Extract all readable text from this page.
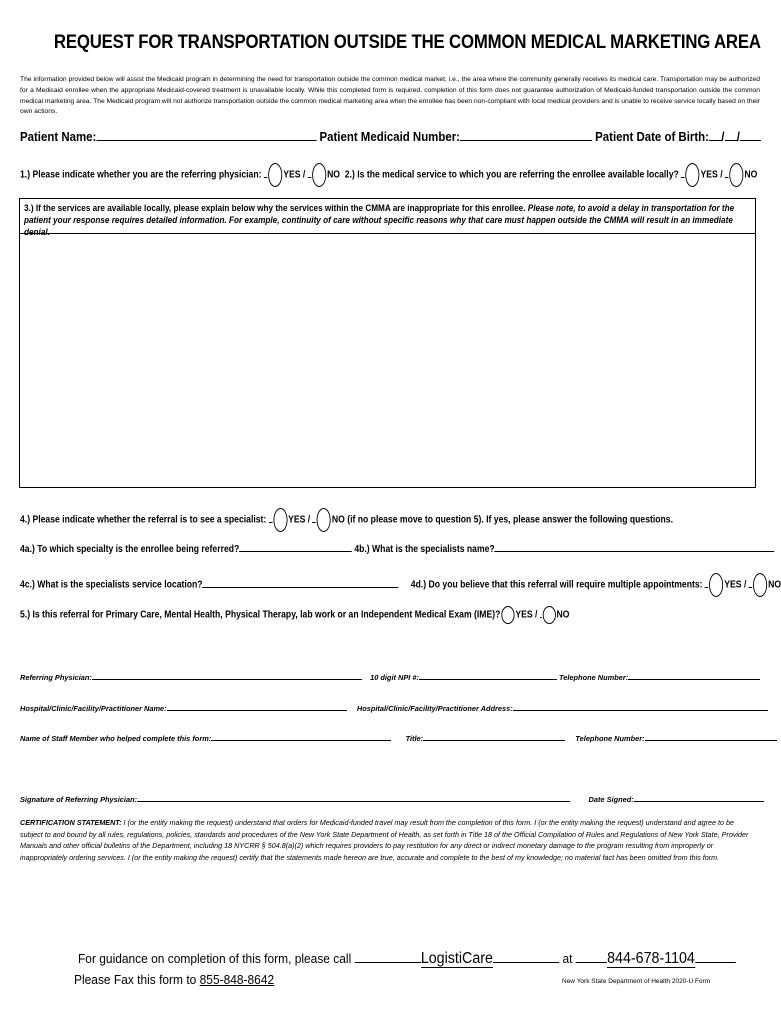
REQUEST FOR TRANSPORTATION OUTSIDE THE COMMON MEDICAL MARKETING AREA
The information provided below will assist the Medicaid program in determining the need for transportation outside the common medical market, i.e., the area where the community generally receives its medical care. Transportation may be authorized for a Medicaid enrollee when the appropriate Medicaid-covered treatment is unavailable locally. While this completed form is required, completion of this form does not guarantee authorization of Medicaid-funded transportation outside the common medical marketing area. The Medicaid program will not authorize transportation outside the common medical marketing area when the enrollee has been non-compliant with local medical providers and is unable to receive service locally based on their own actions.
Patient Name:	Patient Medicaid Number:	Patient Date of Birth: / /
1.) Please indicate whether you are the referring physician: YES / NO 2.) Is the medical service to which you are referring the enrollee available locally? YES / NO
3.) If the services are available locally, please explain below why the services within the CMMA are inappropriate for this enrollee. Please note, to avoid a delay in transportation for the patient your response requires detailed information. For example, continuity of care without specific reasons why that care must happen outside the CMMA will result in an immediate denial.
4.) Please indicate whether the referral is to see a specialist: YES / NO (if no please move to question 5). If yes, please answer the following questions.
4a.) To which specialty is the enrollee being referred?	4b.) What is the specialists name?
4c.) What is the specialists service location?	4d.) Do you believe that this referral will require multiple appointments: YES / NO
5.) Is this referral for Primary Care, Mental Health, Physical Therapy, lab work or an Independent Medical Exam (IME)? YES / NO
Referring Physician:	10 digit NPI #:	Telephone Number:
Hospital/Clinic/Facility/Practitioner Name:	Hospital/Clinic/Facility/Practitioner Address:
Name of Staff Member who helped complete this form:	Title:	Telephone Number:
Signature of Referring Physician:	Date Signed:
CERTIFICATION STATEMENT: I (or the entity making the request) understand that orders for Medicaid-funded travel may result from the completion of this form. I (or the entity making the request) understand and agree to be subject to and bound by all rules, regulations, policies, standards and procedures of the New York State Department of Health, as set forth in Title 18 of the Official Compilation of Rules and Regulations of New York State, Provider Manuals and other official bulletins of the Department, including 18 NYCRR § 504.8(a)(2) which requires providers to pay restitution for any direct or indirect monetary damage to the program resulting from improperly or inappropriately ordering services. I (or the entity making the request) certify that the statements made hereon are true, accurate and complete to the best of my knowledge; no material fact has been omitted from this form.
For guidance on completion of this form, please call	LogistiCare	at 844-678-1104
Please Fax this form to 855-848-8642	New York State Department of Health 2020-U Form
